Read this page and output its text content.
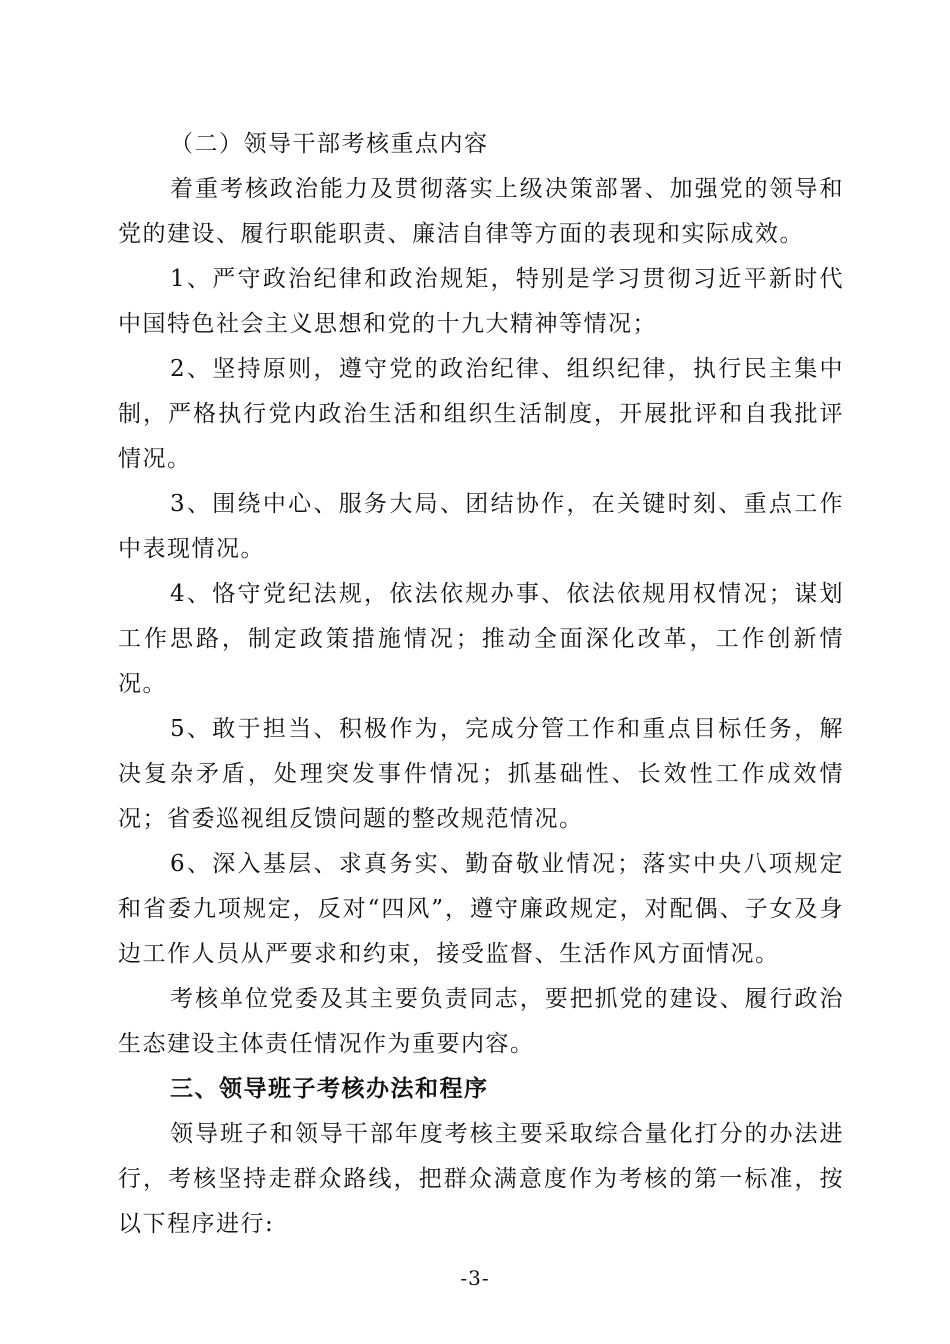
（二）领导干部考核重点内容

着重考核政治能力及贯彻落实上级决策部署、加强党的领导和党的建设、履行职能职责、廉洁自律等方面的表现和实际成效。

1、严守政治纪律和政治规矩，特别是学习贯彻习近平新时代中国特色社会主义思想和党的十九大精神等情况；

2、坚持原则，遵守党的政治纪律、组织纪律，执行民主集中制，严格执行党内政治生活和组织生活制度，开展批评和自我批评情况。

3、围绕中心、服务大局、团结协作，在关键时刻、重点工作中表现情况。

4、恪守党纪法规，依法依规办事、依法依规用权情况；谋划工作思路，制定政策措施情况；推动全面深化改革，工作创新情况。

5、敢于担当、积极作为，完成分管工作和重点目标任务，解决复杂矛盾，处理突发事件情况；抓基础性、长效性工作成效情况；省委巡视组反馈问题的整改规范情况。

6、深入基层、求真务实、勤奋敬业情况；落实中央八项规定和省委九项规定，反对“四风”，遵守廉政规定，对配偶、子女及身边工作人员从严要求和约束，接受监督、生活作风方面情况。

考核单位党委及其主要负责同志，要把抓党的建设、履行政治生态建设主体责任情况作为重要内容。

三、领导班子考核办法和程序

领导班子和领导干部年度考核主要采取综合量化打分的办法进行，考核坚持走群众路线，把群众满意度作为考核的第一标准，按以下程序进行:

-3-
